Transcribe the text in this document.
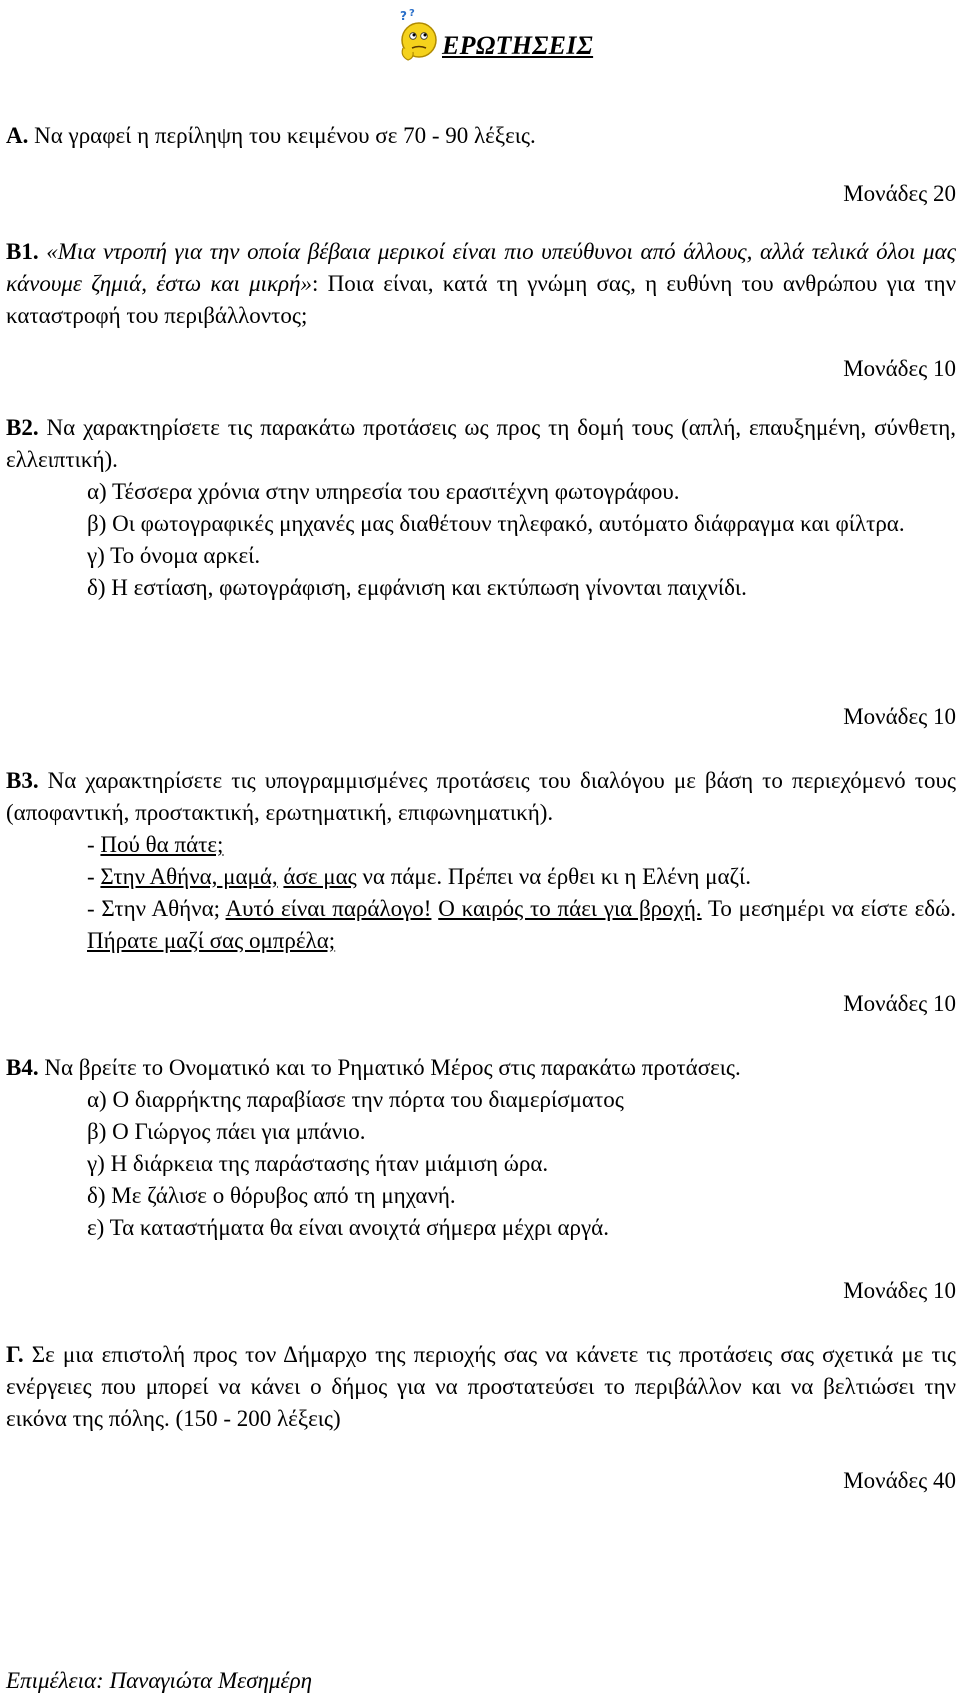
? ?
ΕΡΩΤΗΣΕΙΣ

Α. Να γραφεί η περίληψη του κειμένου σε 70 - 90 λέξεις.

Μονάδες 20

Β1. «Μια ντροπή για την οποία βέβαια μερικοί είναι πιο υπεύθυνοι από άλλους, αλλά τελικά όλοι μας κάνουμε ζημιά, έστω και μικρή»: Ποια είναι, κατά τη γνώμη σας, η ευθύνη του ανθρώπου για την καταστροφή του περιβάλλοντος;

Μονάδες 10

Β2. Να χαρακτηρίσετε τις παρακάτω προτάσεις ως προς τη δομή τους (απλή, επαυξημένη, σύνθετη, ελλειπτική).

α) Τέσσερα χρόνια στην υπηρεσία του ερασιτέχνη φωτογράφου.

β) Οι φωτογραφικές μηχανές μας διαθέτουν τηλεφακό, αυτόματο διάφραγμα και φίλτρα.

γ) Το όνομα αρκεί.

δ) Η εστίαση, φωτογράφιση, εμφάνιση και εκτύπωση γίνονται παιχνίδι.

Μονάδες 10

Β3. Να χαρακτηρίσετε τις υπογραμμισμένες προτάσεις του διαλόγου με βάση το περιεχόμενό τους (αποφαντική, προστακτική, ερωτηματική, επιφωνηματική).

- Πού θα πάτε;

- Στην Αθήνα, μαμά, άσε μας να πάμε. Πρέπει να έρθει κι η Ελένη μαζί.

- Στην Αθήνα; Αυτό είναι παράλογο! Ο καιρός το πάει για βροχή. Το μεσημέρι να είστε εδώ. Πήρατε μαζί σας ομπρέλα;

Μονάδες 10

Β4. Να βρείτε το Ονοματικό και το Ρηματικό Μέρος στις παρακάτω προτάσεις.

α) Ο διαρρήκτης παραβίασε την πόρτα του διαμερίσματος

β) Ο Γιώργος πάει για μπάνιο.

γ) Η διάρκεια της παράστασης ήταν μιάμιση ώρα.

δ) Με ζάλισε ο θόρυβος από τη μηχανή.

ε) Τα καταστήματα θα είναι ανοιχτά σήμερα μέχρι αργά.

Μονάδες 10

Γ. Σε μια επιστολή προς τον Δήμαρχο της περιοχής σας να κάνετε τις προτάσεις σας σχετικά με τις ενέργειες που μπορεί να κάνει ο δήμος για να προστατεύσει το περιβάλλον και να βελτιώσει την εικόνα της πόλης. (150 - 200 λέξεις)

Μονάδες 40
Επιμέλεια: Παναγιώτα Μεσημέρη
